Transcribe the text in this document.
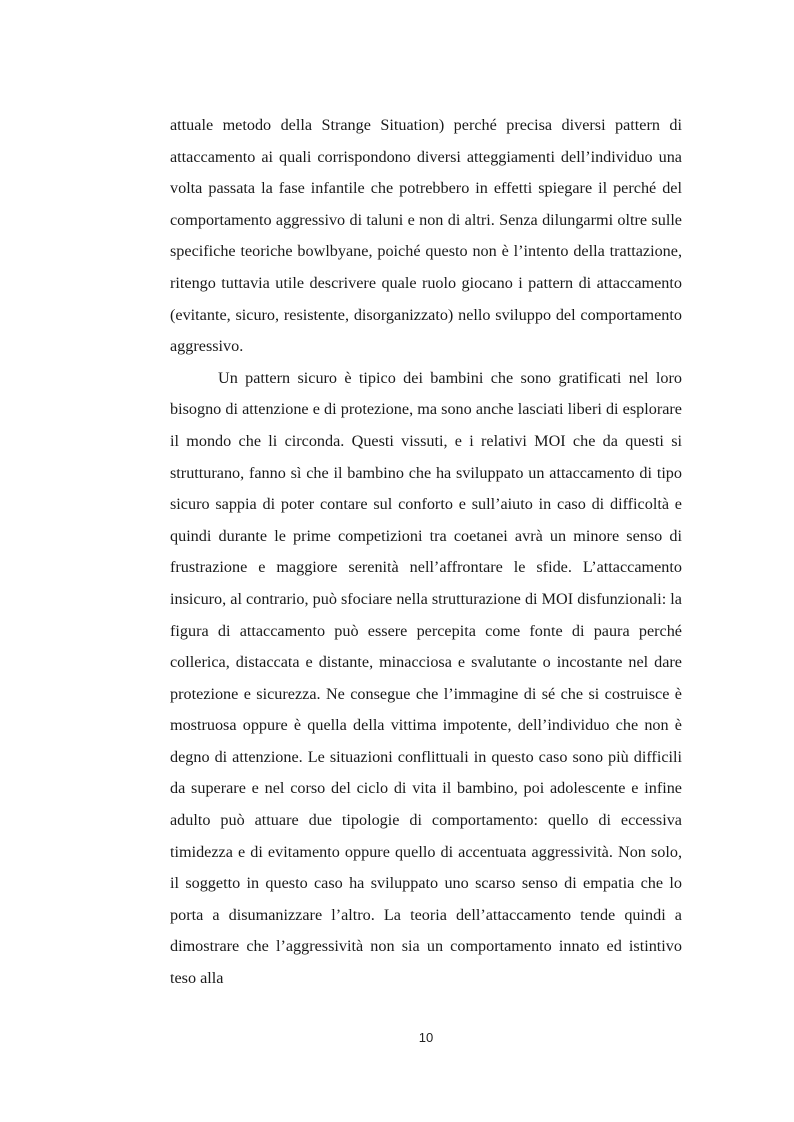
attuale metodo della Strange Situation) perché precisa diversi pattern di attaccamento ai quali corrispondono diversi atteggiamenti dell’individuo una volta passata la fase infantile che potrebbero in effetti spiegare il perché del comportamento aggressivo di taluni e non di altri. Senza dilungarmi oltre sulle specifiche teoriche bowlbyane, poiché questo non è l’intento della trattazione, ritengo tuttavia utile descrivere quale ruolo giocano i pattern di attaccamento (evitante, sicuro, resistente, disorganizzato) nello sviluppo del comportamento aggressivo.

Un pattern sicuro è tipico dei bambini che sono gratificati nel loro bisogno di attenzione e di protezione, ma sono anche lasciati liberi di esplorare il mondo che li circonda. Questi vissuti, e i relativi MOI che da questi si strutturano, fanno sì che il bambino che ha sviluppato un attaccamento di tipo sicuro sappia di poter contare sul conforto e sull’aiuto in caso di difficoltà e quindi durante le prime competizioni tra coetanei avrà un minore senso di frustrazione e maggiore serenità nell’affrontare le sfide. L’attaccamento insicuro, al contrario, può sfociare nella strutturazione di MOI disfunzionali: la figura di attaccamento può essere percepita come fonte di paura perché collerica, distaccata e distante, minacciosa e svalutante o incostante nel dare protezione e sicurezza. Ne consegue che l’immagine di sé che si costruisce è mostruosa oppure è quella della vittima impotente, dell’individuo che non è degno di attenzione. Le situazioni conflittuali in questo caso sono più difficili da superare e nel corso del ciclo di vita il bambino, poi adolescente e infine adulto può attuare due tipologie di comportamento: quello di eccessiva timidezza e di evitamento oppure quello di accentuata aggressività. Non solo, il soggetto in questo caso ha sviluppato uno scarso senso di empatia che lo porta a disumanizzare l’altro. La teoria dell’attaccamento tende quindi a dimostrare che l’aggressività non sia un comportamento innato ed istintivo teso alla

10
